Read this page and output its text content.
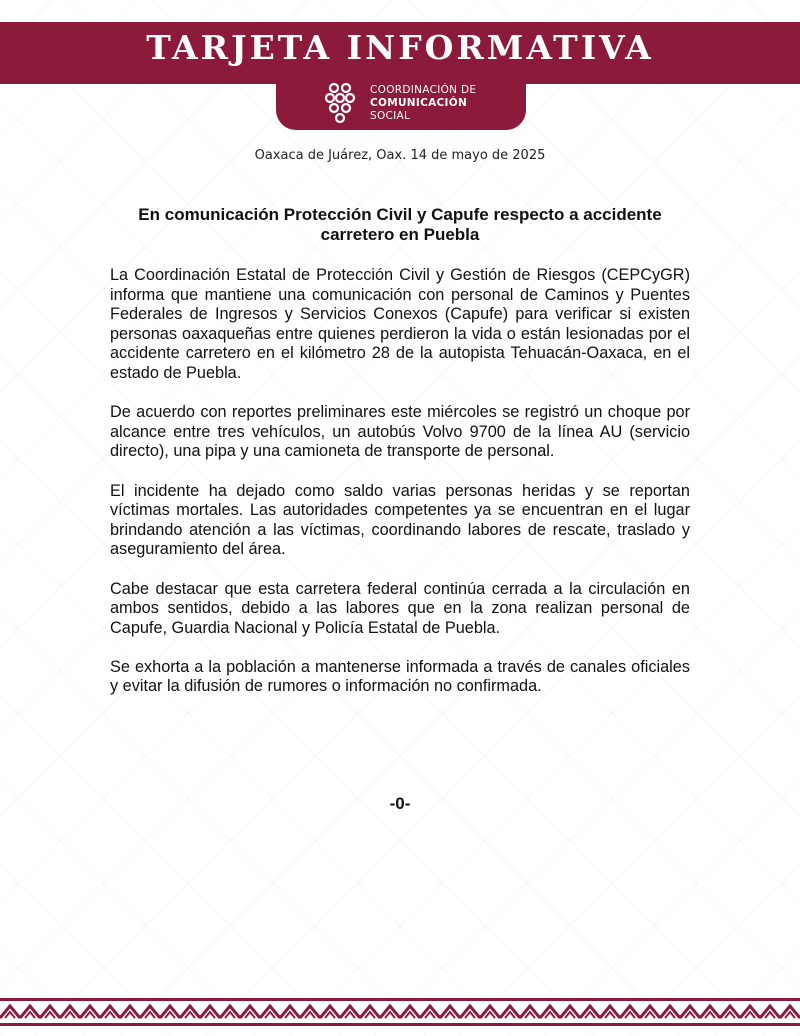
TARJETA INFORMATIVA
COORDINACIÓN DE
COMUNICACIÓN
SOCIAL
Oaxaca de Juárez, Oax. 14 de mayo de 2025
En comunicación Protección Civil y Capufe respecto a accidente carretero en Puebla

La Coordinación Estatal de Protección Civil y Gestión de Riesgos (CEPCyGR) informa que mantiene una comunicación con personal de Caminos y Puentes Federales de Ingresos y Servicios Conexos (Capufe) para verificar si existen personas oaxaqueñas entre quienes perdieron la vida o están lesionadas por el accidente carretero en el kilómetro 28 de la autopista Tehuacán-Oaxaca, en el estado de Puebla.

De acuerdo con reportes preliminares este miércoles se registró un choque por alcance entre tres vehículos, un autobús Volvo 9700 de la línea AU (servicio directo), una pipa y una camioneta de transporte de personal.

El incidente ha dejado como saldo varias personas heridas y se reportan víctimas mortales. Las autoridades competentes ya se encuentran en el lugar brindando atención a las víctimas, coordinando labores de rescate, traslado y aseguramiento del área.

Cabe destacar que esta carretera federal continúa cerrada a la circulación en ambos sentidos, debido a las labores que en la zona realizan personal de Capufe, Guardia Nacional y Policía Estatal de Puebla.

Se exhorta a la población a mantenerse informada a través de canales oficiales y evitar la difusión de rumores o información no confirmada.

-0-
